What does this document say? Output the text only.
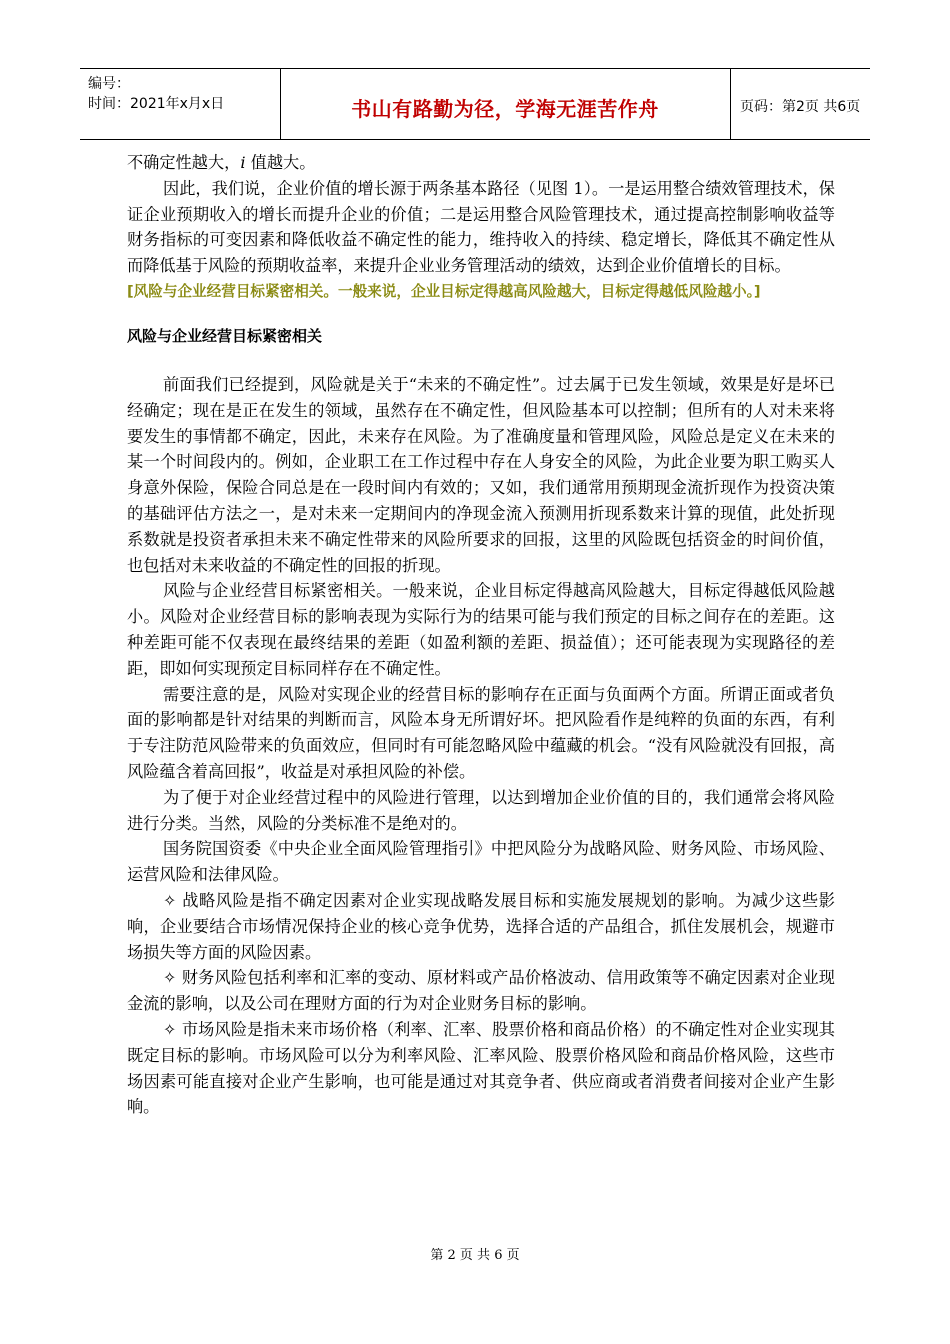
编号：
时间：2021年x月x日	书山有路勤为径，学海无涯苦作舟	页码：第2页 共6页

不确定性越大，i 值越大。

因此，我们说，企业价值的增长源于两条基本路径（见图 1）。一是运用整合绩效管理技术，保证企业预期收入的增长而提升企业的价值；二是运用整合风险管理技术，通过提高控制影响收益等财务指标的可变因素和降低收益不确定性的能力，维持收入的持续、稳定增长，降低其不确定性从而降低基于风险的预期收益率，来提升企业业务管理活动的绩效，达到企业价值增长的目标。

[风险与企业经营目标紧密相关。一般来说，企业目标定得越高风险越大，目标定得越低风险越小。]

风险与企业经营目标紧密相关

前面我们已经提到，风险就是关于“未来的不确定性”。过去属于已发生领域，效果是好是坏已经确定；现在是正在发生的领域，虽然存在不确定性，但风险基本可以控制；但所有的人对未来将要发生的事情都不确定，因此，未来存在风险。为了准确度量和管理风险，风险总是定义在未来的某一个时间段内的。例如，企业职工在工作过程中存在人身安全的风险，为此企业要为职工购买人身意外保险，保险合同总是在一段时间内有效的；又如，我们通常用预期现金流折现作为投资决策的基础评估方法之一，是对未来一定期间内的净现金流入预测用折现系数来计算的现值，此处折现系数就是投资者承担未来不确定性带来的风险所要求的回报，这里的风险既包括资金的时间价值，也包括对未来收益的不确定性的回报的折现。

风险与企业经营目标紧密相关。一般来说，企业目标定得越高风险越大，目标定得越低风险越小。风险对企业经营目标的影响表现为实际行为的结果可能与我们预定的目标之间存在的差距。这种差距可能不仅表现在最终结果的差距（如盈利额的差距、损益值）；还可能表现为实现路径的差距，即如何实现预定目标同样存在不确定性。

需要注意的是，风险对实现企业的经营目标的影响存在正面与负面两个方面。所谓正面或者负面的影响都是针对结果的判断而言，风险本身无所谓好坏。把风险看作是纯粹的负面的东西，有利于专注防范风险带来的负面效应，但同时有可能忽略风险中蕴藏的机会。“没有风险就没有回报，高风险蕴含着高回报”，收益是对承担风险的补偿。

为了便于对企业经营过程中的风险进行管理，以达到增加企业价值的目的，我们通常会将风险进行分类。当然，风险的分类标准不是绝对的。

国务院国资委《中央企业全面风险管理指引》中把风险分为战略风险、财务风险、市场风险、运营风险和法律风险。

✧ 战略风险是指不确定因素对企业实现战略发展目标和实施发展规划的影响。为减少这些影响，企业要结合市场情况保持企业的核心竞争优势，选择合适的产品组合，抓住发展机会，规避市场损失等方面的风险因素。

✧ 财务风险包括利率和汇率的变动、原材料或产品价格波动、信用政策等不确定因素对企业现金流的影响，以及公司在理财方面的行为对企业财务目标的影响。

✧ 市场风险是指未来市场价格（利率、汇率、股票价格和商品价格）的不确定性对企业实现其既定目标的影响。市场风险可以分为利率风险、汇率风险、股票价格风险和商品价格风险，这些市场因素可能直接对企业产生影响，也可能是通过对其竞争者、供应商或者消费者间接对企业产生影响。

第 2 页 共 6 页
